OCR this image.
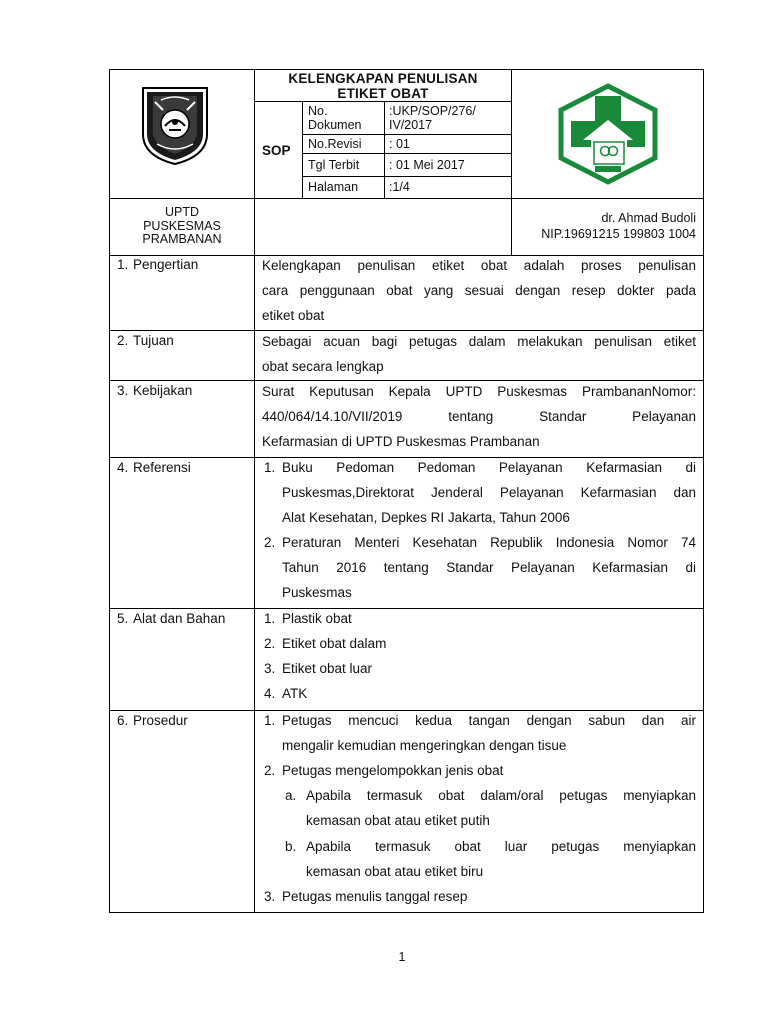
KELENGKAPAN PENULISAN
ETIKET OBAT
SOP
No.
Dokumen
:UKP/SOP/276/
IV/2017
No.Revisi : 01
Tgl Terbit : 01 Mei 2017
Halaman :1/4
UPTD
PUSKESMAS
PRAMBANAN
dr. Ahmad Budoli
NIP.19691215 199803 1004
1. Pengertian	Kelengkapan penulisan etiket obat adalah proses penulisan
cara penggunaan obat yang sesuai dengan resep dokter pada
etiket obat
2. Tujuan	Sebagai acuan bagi petugas dalam melakukan penulisan etiket
obat secara lengkap
3. Kebijakan	Surat Keputusan Kepala UPTD Puskesmas PrambananNomor:
440/064/14.10/VII/2019 tentang Standar Pelayanan
Kefarmasian di UPTD Puskesmas Prambanan
4. Referensi	1. Buku Pedoman Pedoman Pelayanan Kefarmasian di
Puskesmas,Direktorat Jenderal Pelayanan Kefarmasian dan
Alat Kesehatan, Depkes RI Jakarta, Tahun 2006
2. Peraturan Menteri Kesehatan Republik Indonesia Nomor 74
Tahun 2016 tentang Standar Pelayanan Kefarmasian di
Puskesmas
5. Alat dan Bahan	1. Plastik obat
2. Etiket obat dalam
3. Etiket obat luar
4. ATK
6. Prosedur	1. Petugas mencuci kedua tangan dengan sabun dan air
mengalir kemudian mengeringkan dengan tisue
2. Petugas mengelompokkan jenis obat
a. Apabila termasuk obat dalam/oral petugas menyiapkan
kemasan obat atau etiket putih
b. Apabila termasuk obat luar petugas menyiapkan
kemasan obat atau etiket biru
3. Petugas menulis tanggal resep
1
